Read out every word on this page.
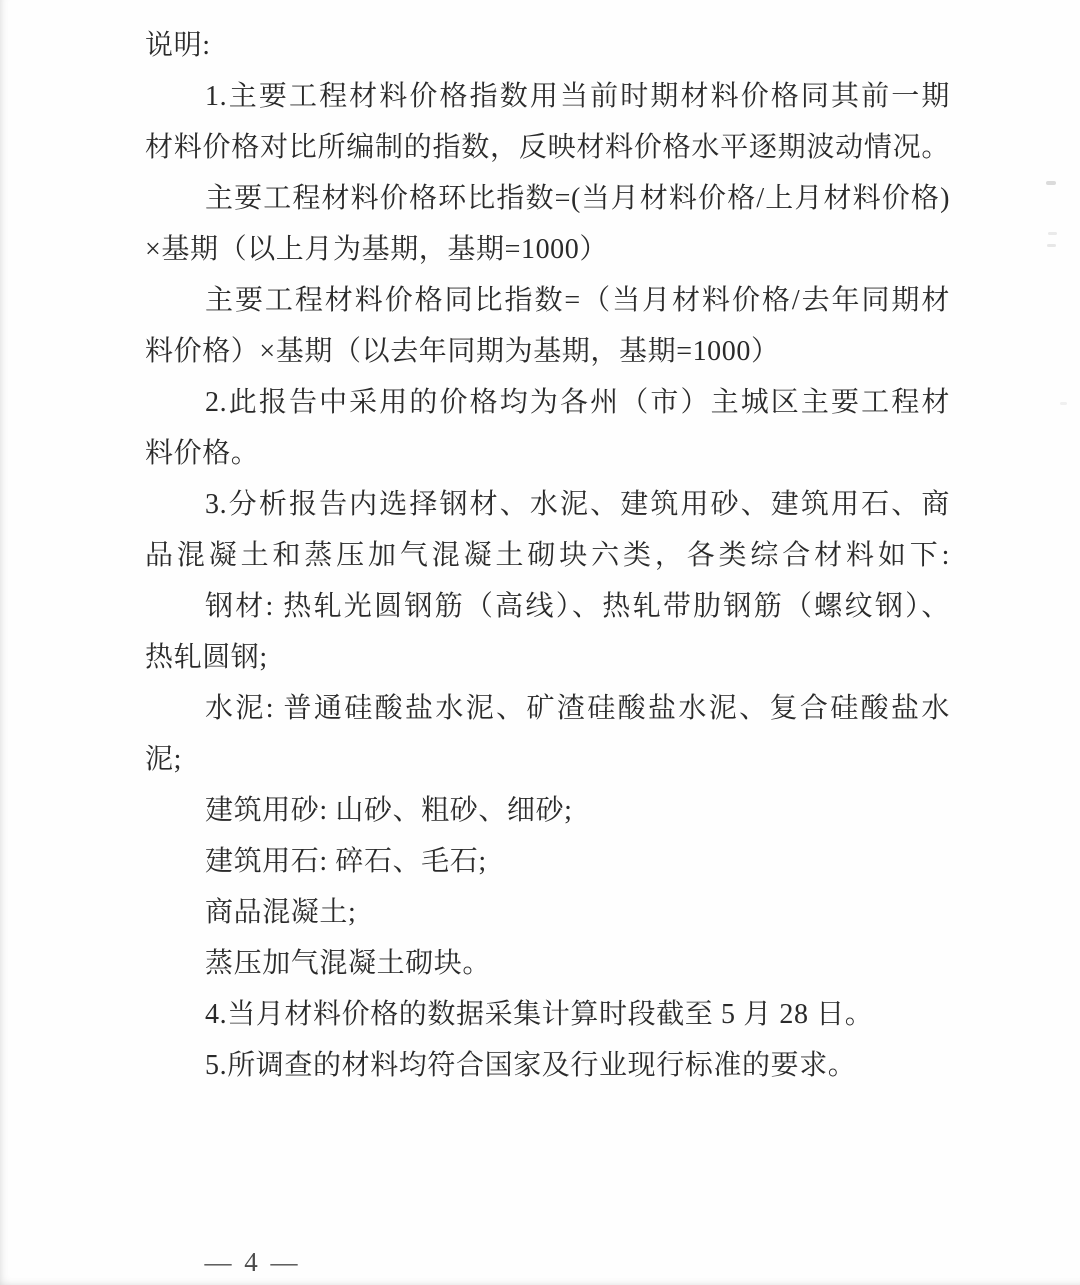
说明:
1.主要工程材料价格指数用当前时期材料价格同其前一期
材料价格对比所编制的指数，反映材料价格水平逐期波动情况。
主要工程材料价格环比指数=(当月材料价格/上月材料价格)
×基期（以上月为基期，基期=1000）
主要工程材料价格同比指数=（当月材料价格/去年同期材
料价格）×基期（以去年同期为基期，基期=1000）
2.此报告中采用的价格均为各州（市）主城区主要工程材
料价格。
3.分析报告内选择钢材、水泥、建筑用砂、建筑用石、商
品混凝土和蒸压加气混凝土砌块六类，各类综合材料如下:
钢材: 热轧光圆钢筋（高线）、热轧带肋钢筋（螺纹钢）、
热轧圆钢;
水泥: 普通硅酸盐水泥、矿渣硅酸盐水泥、复合硅酸盐水
泥;
建筑用砂: 山砂、粗砂、细砂;
建筑用石: 碎石、毛石;
商品混凝土;
蒸压加气混凝土砌块。
4.当月材料价格的数据采集计算时段截至 5 月 28 日。
5.所调查的材料均符合国家及行业现行标准的要求。
— 4 —
